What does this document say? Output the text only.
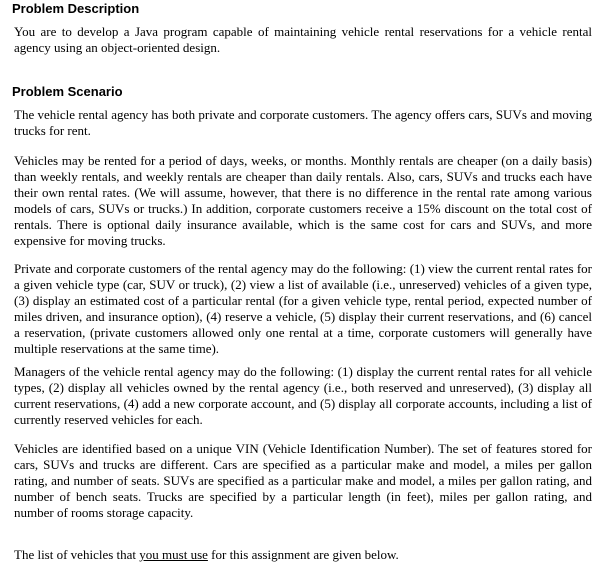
Problem Description

You are to develop a Java program capable of maintaining vehicle rental reservations for a vehicle rental agency using an object-oriented design.

Problem Scenario

The vehicle rental agency has both private and corporate customers. The agency offers cars, SUVs and moving trucks for rent.

Vehicles may be rented for a period of days, weeks, or months. Monthly rentals are cheaper (on a daily basis) than weekly rentals, and weekly rentals are cheaper than daily rentals. Also, cars, SUVs and trucks each have their own rental rates. (We will assume, however, that there is no difference in the rental rate among various models of cars, SUVs or trucks.) In addition, corporate customers receive a 15% discount on the total cost of rentals. There is optional daily insurance available, which is the same cost for cars and SUVs, and more expensive for moving trucks.

Private and corporate customers of the rental agency may do the following: (1) view the current rental rates for a given vehicle type (car, SUV or truck), (2) view a list of available (i.e., unreserved) vehicles of a given type, (3) display an estimated cost of a particular rental (for a given vehicle type, rental period, expected number of miles driven, and insurance option), (4) reserve a vehicle, (5) display their current reservations, and (6) cancel a reservation, (private customers allowed only one rental at a time, corporate customers will generally have multiple reservations at the same time).

Managers of the vehicle rental agency may do the following: (1) display the current rental rates for all vehicle types, (2) display all vehicles owned by the rental agency (i.e., both reserved and unreserved), (3) display all current reservations, (4) add a new corporate account, and (5) display all corporate accounts, including a list of currently reserved vehicles for each.

Vehicles are identified based on a unique VIN (Vehicle Identification Number). The set of features stored for cars, SUVs and trucks are different. Cars are specified as a particular make and model, a miles per gallon rating, and number of seats. SUVs are specified as a particular make and model, a miles per gallon rating, and number of bench seats. Trucks are specified by a particular length (in feet), miles per gallon rating, and number of rooms storage capacity.

The list of vehicles that you must use for this assignment are given below.
